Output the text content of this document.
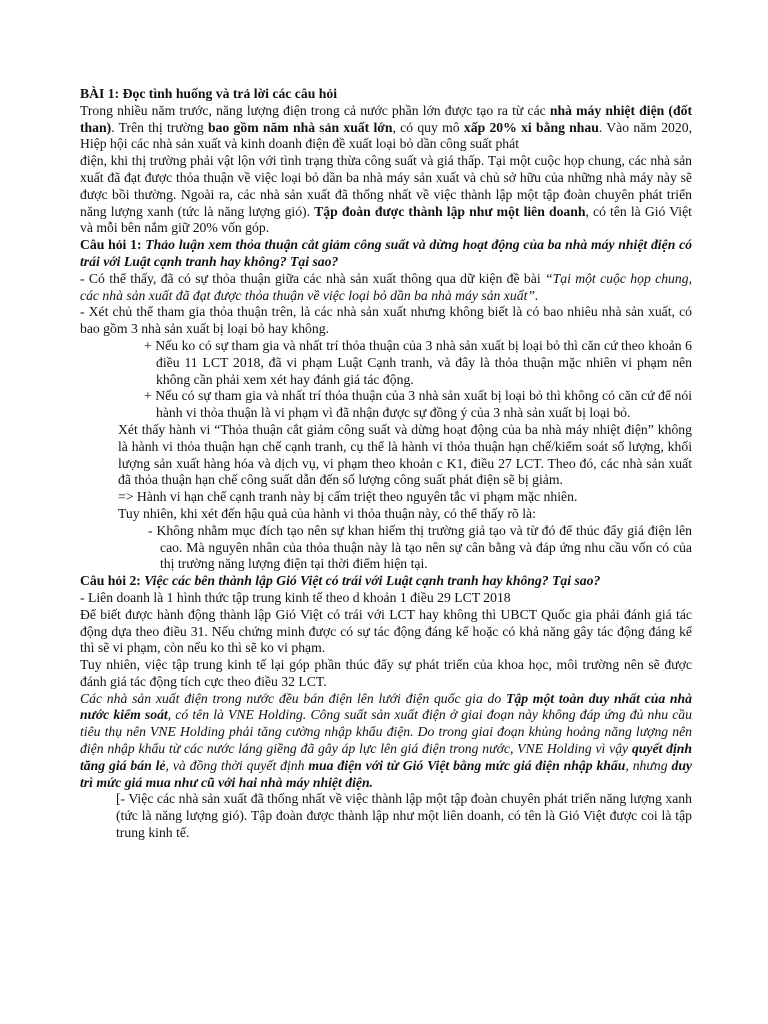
BÀI 1: Đọc tình huống và trả lời các câu hỏi

Trong nhiều năm trước, năng lượng điện trong cả nước phần lớn được tạo ra từ các nhà máy nhiệt điện (đốt than). Trên thị trường bao gồm năm nhà sản xuất lớn, có quy mô xấp 20% xi bằng nhau. Vào năm 2020, Hiệp hội các nhà sản xuất và kinh doanh điện đề xuất loại bỏ dần công suất phát

điện, khi thị trường phải vật lộn với tình trạng thừa công suất và giá thấp. Tại một cuộc họp chung, các nhà sản xuất đã đạt được thỏa thuận về việc loại bỏ dần ba nhà máy sản xuất và chủ sở hữu của những nhà máy này sẽ được bồi thường. Ngoài ra, các nhà sản xuất đã thống nhất về việc thành lập một tập đoàn chuyên phát triển năng lượng xanh (tức là năng lượng gió). Tập đoàn được thành lập như một liên doanh, có tên là Gió Việt và mỗi bên nắm giữ 20% vốn góp.

Câu hỏi 1: Thảo luận xem thỏa thuận cắt giảm công suất và dừng hoạt động của ba nhà máy nhiệt điện có trái với Luật cạnh tranh hay không? Tại sao?

- Có thể thấy, đã có sự thỏa thuận giữa các nhà sản xuất thông qua dữ kiện đề bài “Tại một cuộc họp chung, các nhà sản xuất đã đạt được thỏa thuận về việc loại bỏ dần ba nhà máy sản xuất”.

- Xét chủ thể tham gia thỏa thuận trên, là các nhà sản xuất nhưng không biết là có bao nhiêu nhà sản xuất, có bao gồm 3 nhà sản xuất bị loại bỏ hay không.

+ Nếu ko có sự tham gia và nhất trí thỏa thuận của 3 nhà sản xuất bị loại bỏ thì căn cứ theo khoản 6 điều 11 LCT 2018, đã vi phạm Luật Cạnh tranh, và đây là thỏa thuận mặc nhiên vi phạm nên không cần phải xem xét hay đánh giá tác động.

+ Nếu có sự tham gia và nhất trí thỏa thuận của 3 nhà sản xuất bị loại bỏ thì không có căn cứ để nói hành vi thỏa thuận là vi phạm vì đã nhận được sự đồng ý của 3 nhà sản xuất bị loại bỏ.

Xét thấy hành vi “Thỏa thuận cắt giảm công suất và dừng hoạt động của ba nhà máy nhiệt điện” không là hành vi thỏa thuận hạn chế cạnh tranh, cụ thể là hành vi thỏa thuận hạn chế/kiểm soát số lượng, khối lượng sản xuất hàng hóa và dịch vụ, vi phạm theo khoản c K1, điều 27 LCT. Theo đó, các nhà sản xuất đã thỏa thuận hạn chế công suất dẫn đến số lượng công suất phát điện sẽ bị giảm.

=> Hành vi hạn chế cạnh tranh này bị cấm triệt theo nguyên tắc vi phạm mặc nhiên.

Tuy nhiên, khi xét đến hậu quả của hành vi thỏa thuận này, có thể thấy rõ là:

- Không nhằm mục đích tạo nên sự khan hiếm thị trường giả tạo và từ đó để thúc đẩy giá điện lên cao. Mà nguyên nhân của thỏa thuận này là tạo nên sự cân bằng và đáp ứng nhu cầu vốn có của thị trường năng lượng điện tại thời điểm hiện tại.

Câu hỏi 2: Việc các bên thành lập Gió Việt có trái với Luật cạnh tranh hay không? Tại sao?

- Liên doanh là 1 hình thức tập trung kinh tế theo d khoản 1 điều 29 LCT 2018

Để biết được hành động thành lập Gió Việt có trái với LCT hay không thì UBCT Quốc gia phải đánh giá tác động dựa theo điều 31. Nếu chứng minh được có sự tác động đáng kể hoặc có khả năng gây tác động đáng kể thì sẽ vi phạm, còn nếu ko thì sẽ ko vi phạm.

Tuy nhiên, việc tập trung kinh tế lại góp phần thúc đẩy sự phát triển của khoa học, môi trường nên sẽ được đánh giá tác động tích cực theo điều 32 LCT.

Các nhà sản xuất điện trong nước đều bán điện lên lưới điện quốc gia do Tập một toàn duy nhất của nhà nước kiểm soát, có tên là VNE Holding. Công suất sản xuất điện ở giai đoạn này không đáp ứng đủ nhu cầu tiêu thụ nên VNE Holding phải tăng cường nhập khẩu điện. Do trong giai đoạn khủng hoảng năng lượng nên điện nhập khẩu từ các nước láng giềng đã gây áp lực lên giá điện trong nước, VNE Holding vì vậy quyết định tăng giá bán lẻ, và đồng thời quyết định mua điện với từ Gió Việt bằng mức giá điện nhập khẩu, nhưng duy trì mức giá mua như cũ với hai nhà máy nhiệt điện.

[- Việc các nhà sản xuất đã thống nhất về việc thành lập một tập đoàn chuyên phát triển năng lượng xanh (tức là năng lượng gió). Tập đoàn được thành lập như một liên doanh, có tên là Gió Việt được coi là tập trung kinh tế.
